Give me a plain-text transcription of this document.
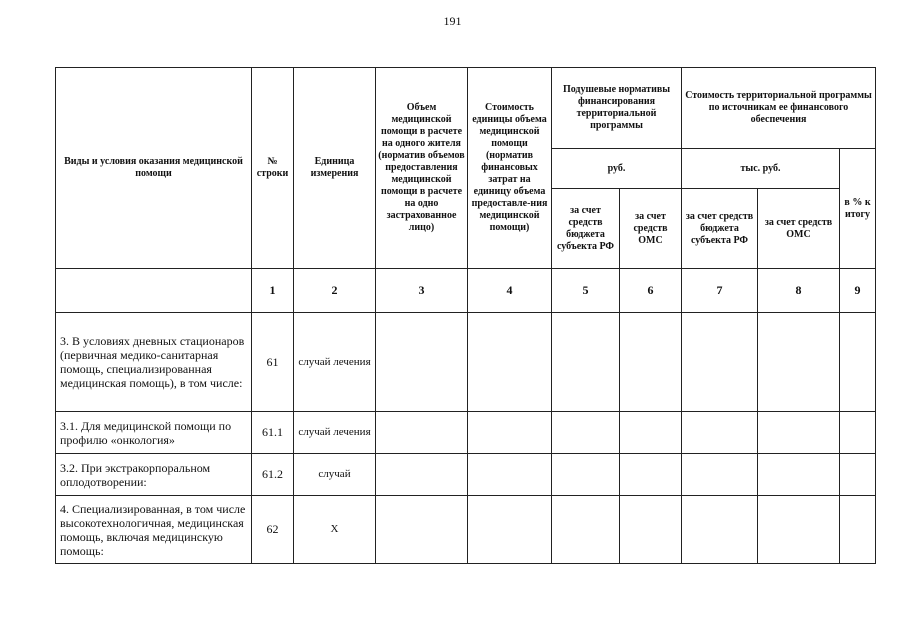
191
Виды и условия оказания медицинской помощи	№ строки	Единица измерения	Объем медицинской помощи в расчете на одного жителя (норматив объемов предоставления медицинской помощи в расчете на одно застрахованное лицо)	Стоимость единицы объема медицинской помощи (норматив финансовых затрат на единицу объема предоставле-ния медицинской помощи)	Подушевые нормативы финансирования территориальной программы		Стоимость территориальной программы по источникам ее финансового обеспечения		
					руб.		тыс. руб.		в % к итогу
					за счет средств бюджета субъекта РФ	за счет средств ОМС	за счет средств бюджета субъекта РФ	за счет средств ОМС	
	1	2	3	4	5	6	7	8	9
3. В условиях дневных стационаров (первичная медико-санитарная помощь, специализированная медицинская помощь), в том числе:	61	случай лечения							
3.1. Для медицинской помощи по профилю «онкология»	61.1	случай лечения							
3.2. При экстракорпоральном оплодотворении:	61.2	случай							
4. Специализированная, в том числе высокотехнологичная, медицинская помощь, включая медицинскую помощь:	62	Х							
